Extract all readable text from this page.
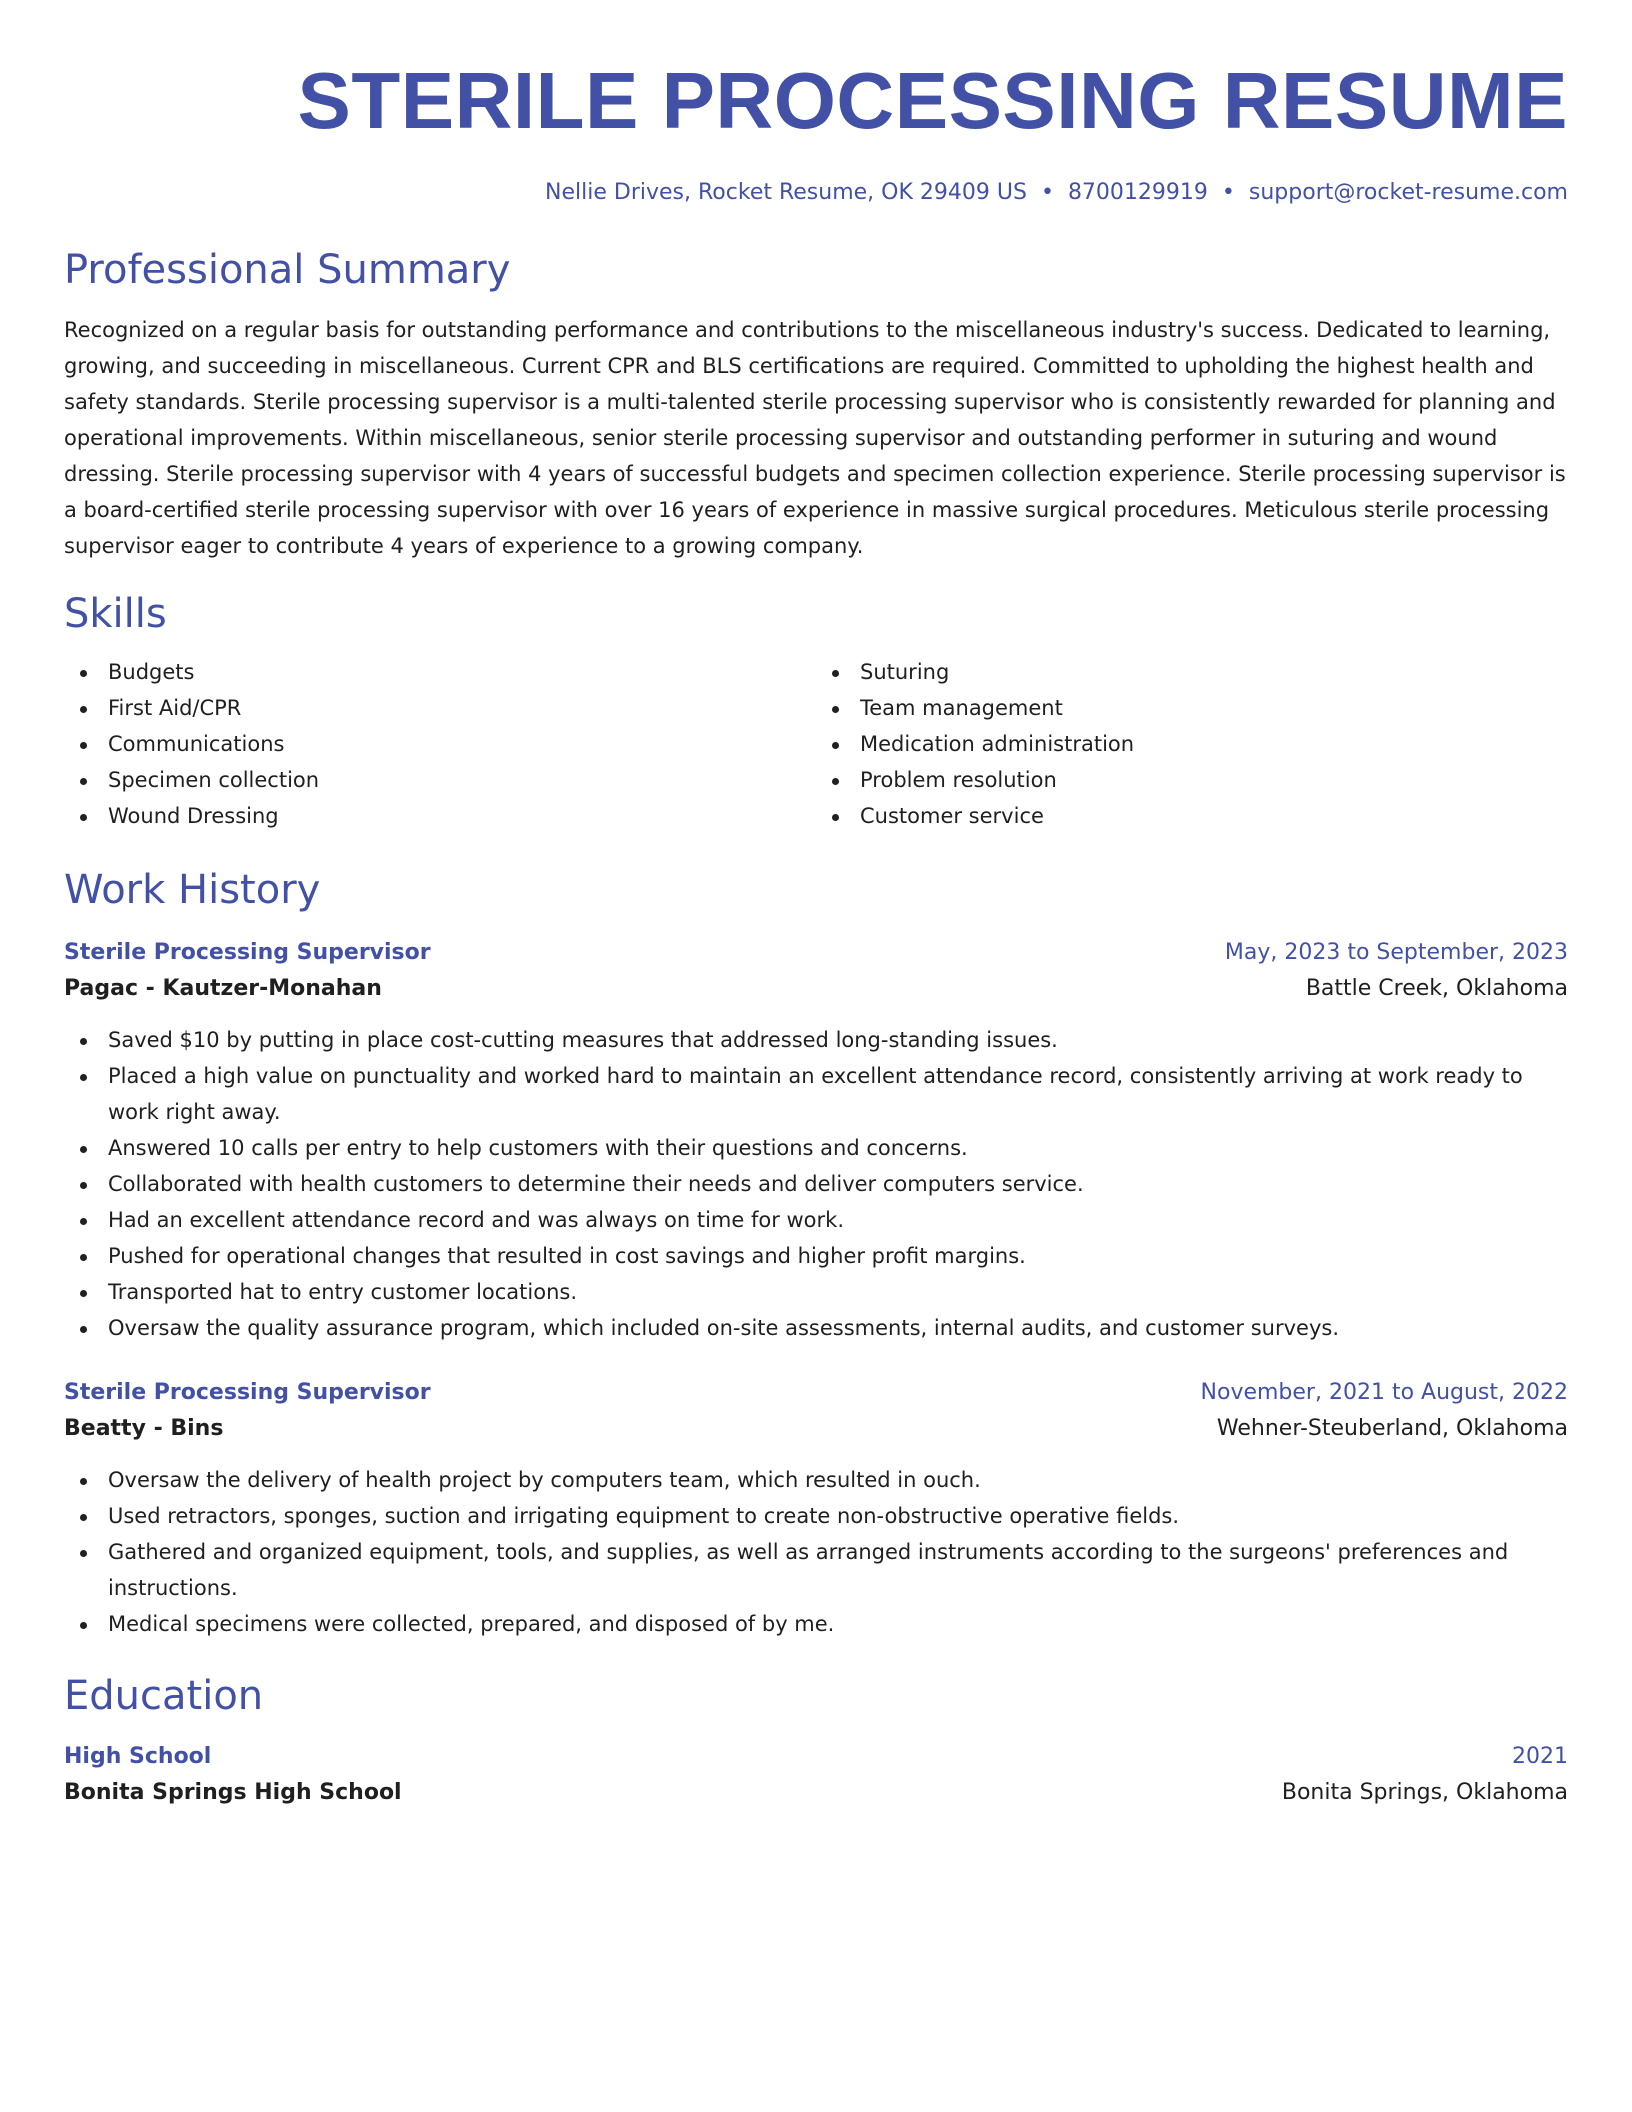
STERILE PROCESSING RESUME
Nellie Drives, Rocket Resume, OK 29409 US • 8700129919 • support@rocket-resume.com
Professional Summary
Recognized on a regular basis for outstanding performance and contributions to the miscellaneous industry's success. Dedicated to learning, growing, and succeeding in miscellaneous. Current CPR and BLS certifications are required. Committed to upholding the highest health and safety standards. Sterile processing supervisor is a multi-talented sterile processing supervisor who is consistently rewarded for planning and operational improvements. Within miscellaneous, senior sterile processing supervisor and outstanding performer in suturing and wound dressing. Sterile processing supervisor with 4 years of successful budgets and specimen collection experience. Sterile processing supervisor is a board-certified sterile processing supervisor with over 16 years of experience in massive surgical procedures. Meticulous sterile processing supervisor eager to contribute 4 years of experience to a growing company.
Skills
Budgets
First Aid/CPR
Communications
Specimen collection
Wound Dressing
Suturing
Team management
Medication administration
Problem resolution
Customer service
Work History
Sterile Processing Supervisor	May, 2023 to September, 2023
Pagac - Kautzer-Monahan	Battle Creek, Oklahoma
Saved $10 by putting in place cost-cutting measures that addressed long-standing issues.
Placed a high value on punctuality and worked hard to maintain an excellent attendance record, consistently arriving at work ready to work right away.
Answered 10 calls per entry to help customers with their questions and concerns.
Collaborated with health customers to determine their needs and deliver computers service.
Had an excellent attendance record and was always on time for work.
Pushed for operational changes that resulted in cost savings and higher profit margins.
Transported hat to entry customer locations.
Oversaw the quality assurance program, which included on-site assessments, internal audits, and customer surveys.
Sterile Processing Supervisor	November, 2021 to August, 2022
Beatty - Bins	Wehner-Steuberland, Oklahoma
Oversaw the delivery of health project by computers team, which resulted in ouch.
Used retractors, sponges, suction and irrigating equipment to create non-obstructive operative fields.
Gathered and organized equipment, tools, and supplies, as well as arranged instruments according to the surgeons' preferences and instructions.
Medical specimens were collected, prepared, and disposed of by me.
Education
High School	2021
Bonita Springs High School	Bonita Springs, Oklahoma
